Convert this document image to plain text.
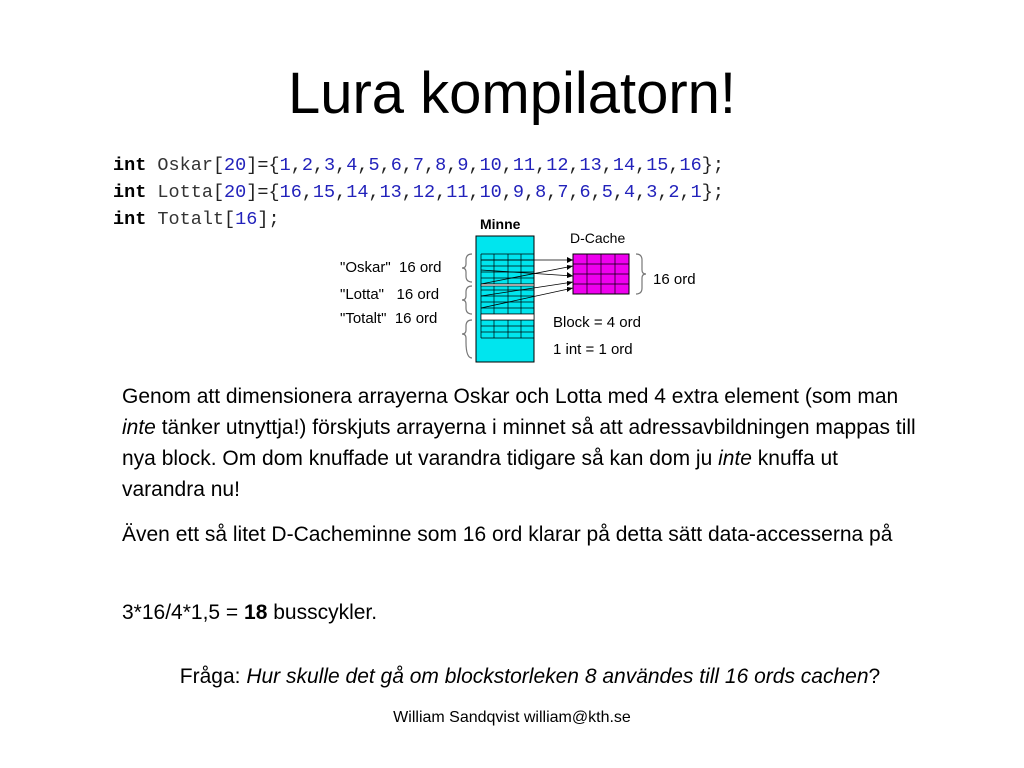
Lura kompilatorn!
int Oskar[20]={1,2,3,4,5,6,7,8,9,10,11,12,13,14,15,16};
int Lotta[20]={16,15,14,13,12,11,10,9,8,7,6,5,4,3,2,1};
int Totalt[16];	Minne
D-Cache
"Oskar"  16 ord
"Lotta"   16 ord
"Totalt"  16 ord
16 ord
Block = 4 ord
1 int = 1 ord
Genom att dimensionera arrayerna Oskar och Lotta med 4 extra element (som man inte tänker utnyttja!) förskjuts arrayerna i minnet så att adressavbildningen mappas till nya block. Om dom knuffade ut varandra tidigare så kan dom ju inte knuffa ut varandra nu!
Även ett så litet D-Cacheminne som 16 ord klarar på detta sätt data-accesserna på
3*16/4*1,5 = 18 busscykler.
Fråga: Hur skulle det gå om blockstorleken 8 användes till 16 ords cachen?
William Sandqvist william@kth.se
